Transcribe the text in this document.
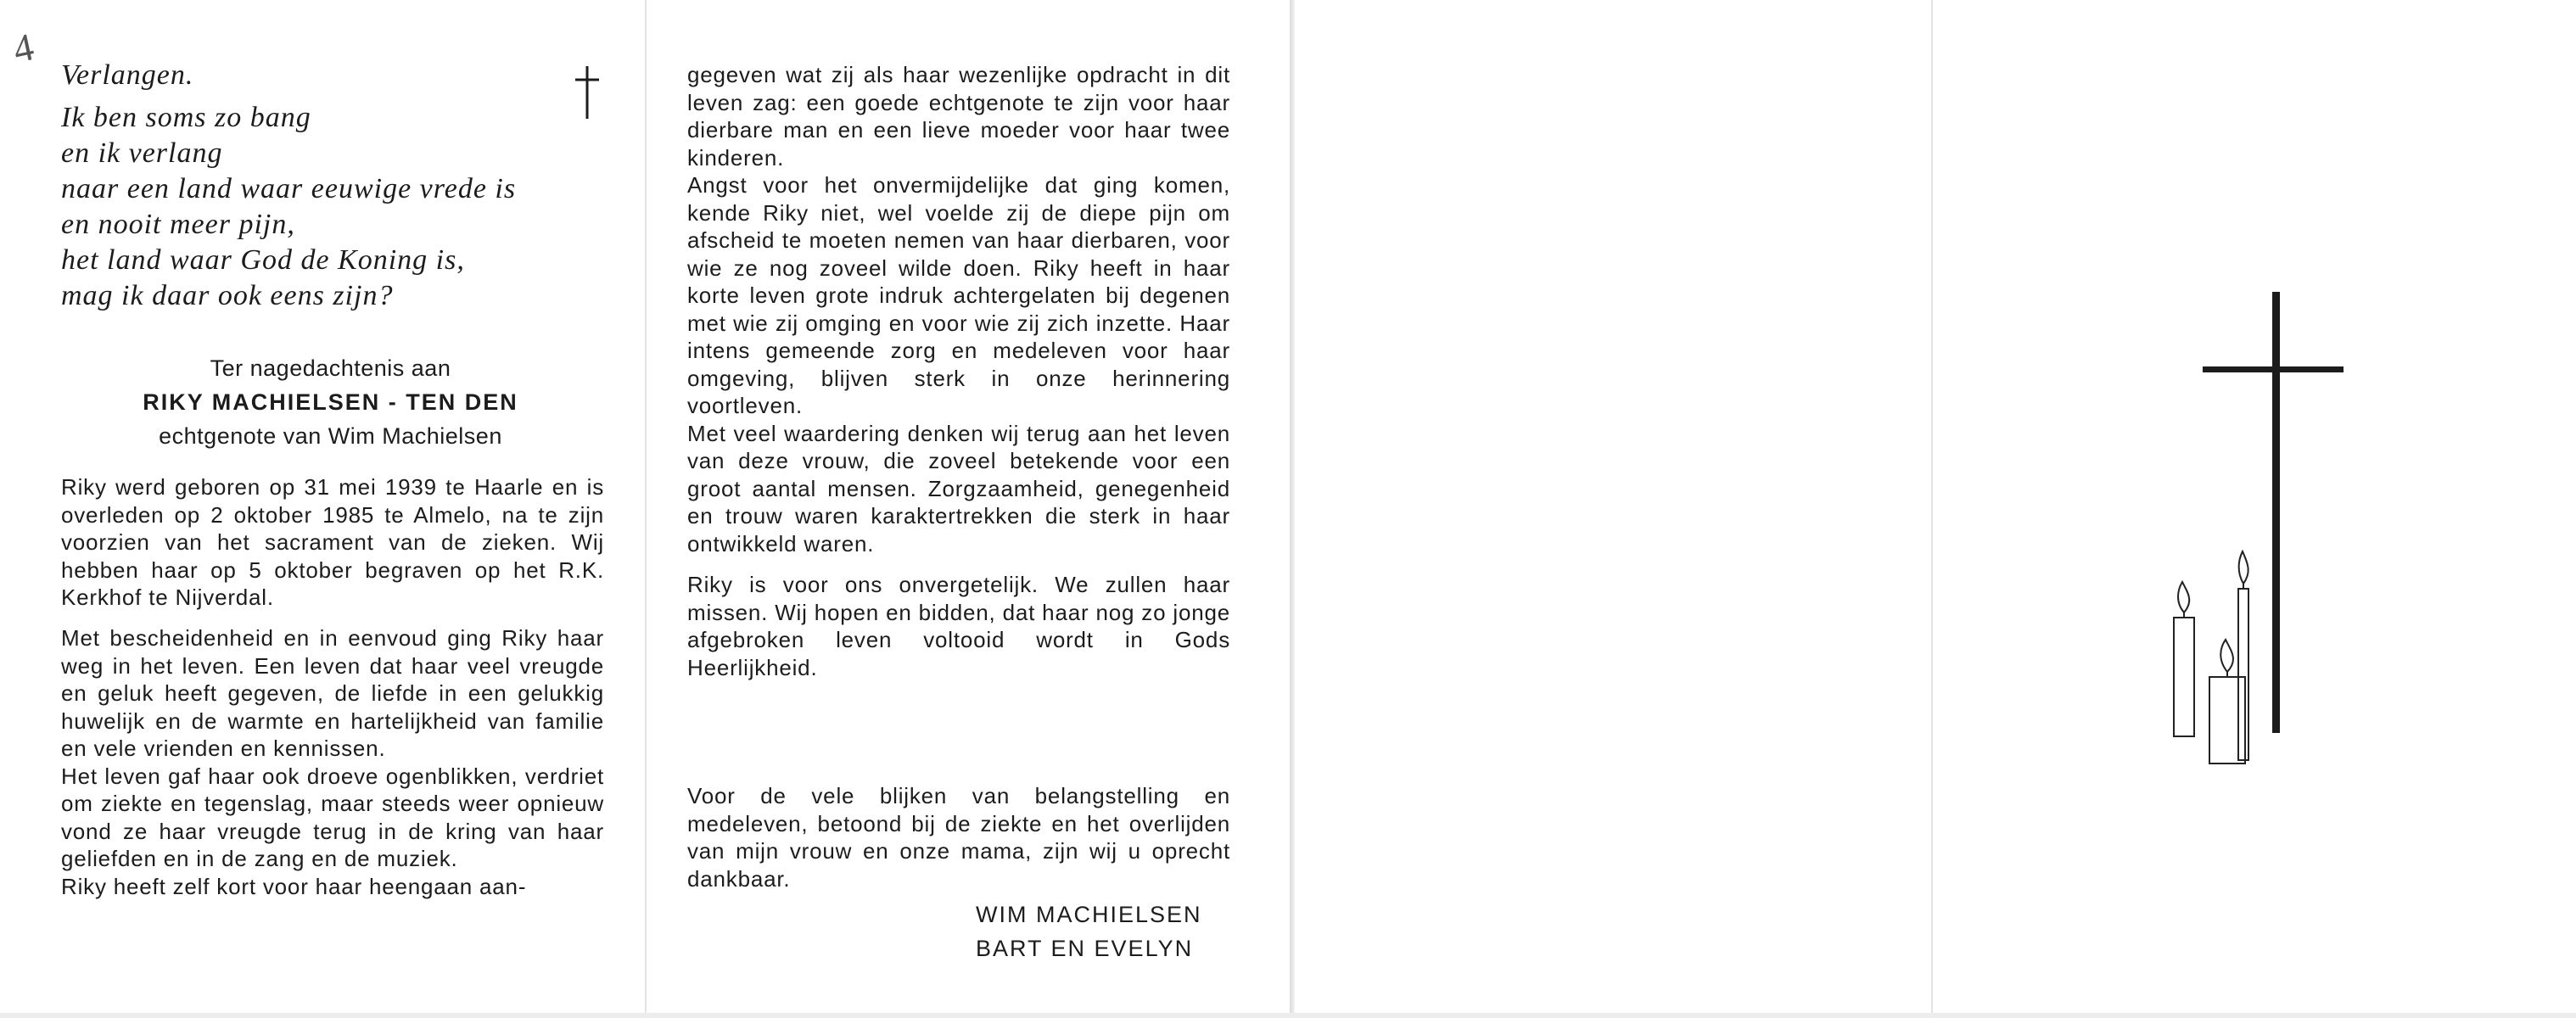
4
Verlangen.
Ik ben soms zo bang
en ik verlang
naar een land waar eeuwige vrede is
en nooit meer pijn,
het land waar God de Koning is,
mag ik daar ook eens zijn?
Ter nagedachtenis aan
RIKY MACHIELSEN - TEN DEN
echtgenote van Wim Machielsen
Riky werd geboren op 31 mei 1939 te Haarle en is overleden op 2 oktober 1985 te Almelo, na te zijn voorzien van het sacrament van de zieken. Wij hebben haar op 5 oktober begraven op het R.K. Kerkhof te Nijverdal.

Met bescheidenheid en in eenvoud ging Riky haar weg in het leven. Een leven dat haar veel vreugde en geluk heeft gegeven, de liefde in een gelukkig huwelijk en de warmte en hartelijkheid van familie en vele vrienden en kennissen.

Het leven gaf haar ook droeve ogenblikken, verdriet om ziekte en tegenslag, maar steeds weer opnieuw vond ze haar vreugde terug in de kring van haar geliefden en in de zang en de muziek.

Riky heeft zelf kort voor haar heengaan aan-

gegeven wat zij als haar wezenlijke opdracht in dit leven zag: een goede echtgenote te zijn voor haar dierbare man en een lieve moeder voor haar twee kinderen.

Angst voor het onvermijdelijke dat ging komen, kende Riky niet, wel voelde zij de diepe pijn om afscheid te moeten nemen van haar dierbaren, voor wie ze nog zoveel wilde doen. Riky heeft in haar korte leven grote indruk achtergelaten bij degenen met wie zij omging en voor wie zij zich inzette. Haar intens gemeende zorg en medeleven voor haar omgeving, blijven sterk in onze herinnering voortleven.

Met veel waardering denken wij terug aan het leven van deze vrouw, die zoveel betekende voor een groot aantal mensen. Zorgzaamheid, genegenheid en trouw waren karaktertrekken die sterk in haar ontwikkeld waren.

Riky is voor ons onvergetelijk. We zullen haar missen. Wij hopen en bidden, dat haar nog zo jonge afgebroken leven voltooid wordt in Gods Heerlijkheid.

Voor de vele blijken van belangstelling en medeleven, betoond bij de ziekte en het overlijden van mijn vrouw en onze mama, zijn wij u oprecht dankbaar.
WIM MACHIELSEN
BART EN EVELYN
